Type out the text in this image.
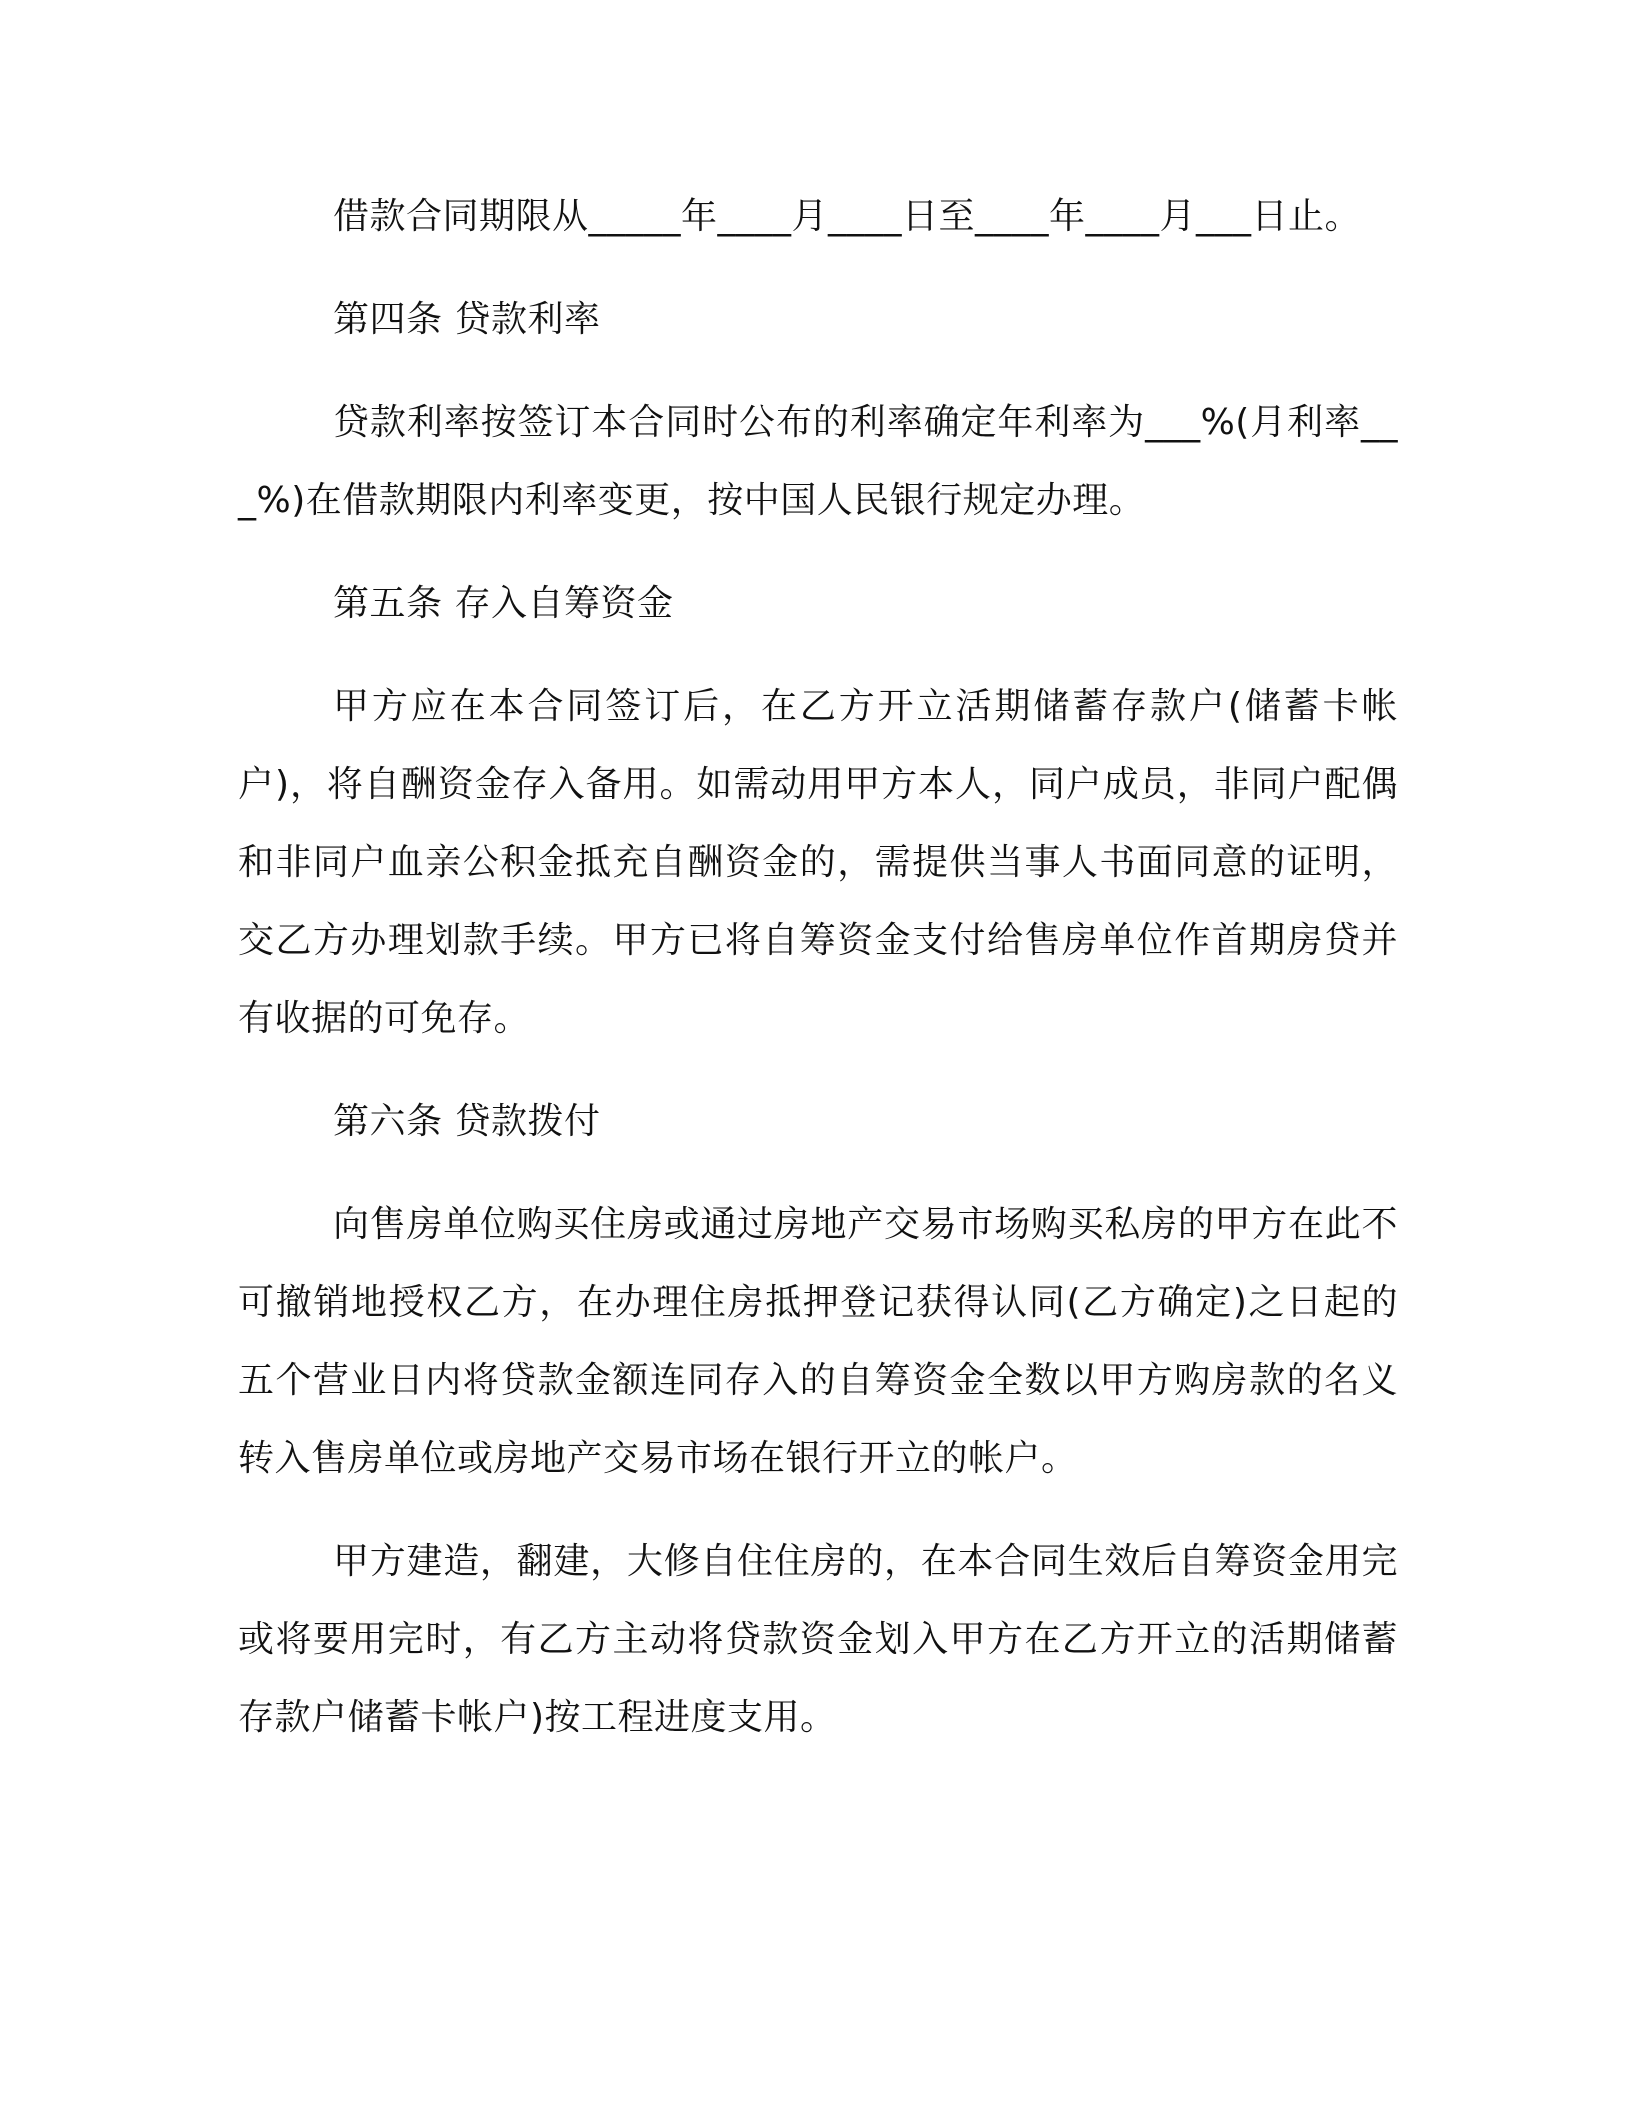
借款合同期限从_____年____月____日至____年____月___日止。

第四条 贷款利率

贷款利率按签订本合同时公布的利率确定年利率为___%(月利率___%)在借款期限内利率变更，按中国人民银行规定办理。

第五条 存入自筹资金

甲方应在本合同签订后，在乙方开立活期储蓄存款户(储蓄卡帐户)，将自酬资金存入备用。如需动用甲方本人，同户成员，非同户配偶和非同户血亲公积金抵充自酬资金的，需提供当事人书面同意的证明，交乙方办理划款手续。甲方已将自筹资金支付给售房单位作首期房贷并有收据的可免存。

第六条 贷款拨付

向售房单位购买住房或通过房地产交易市场购买私房的甲方在此不可撤销地授权乙方，在办理住房抵押登记获得认同(乙方确定)之日起的五个营业日内将贷款金额连同存入的自筹资金全数以甲方购房款的名义转入售房单位或房地产交易市场在银行开立的帐户。

甲方建造，翻建，大修自住住房的，在本合同生效后自筹资金用完或将要用完时，有乙方主动将贷款资金划入甲方在乙方开立的活期储蓄存款户储蓄卡帐户)按工程进度支用。
